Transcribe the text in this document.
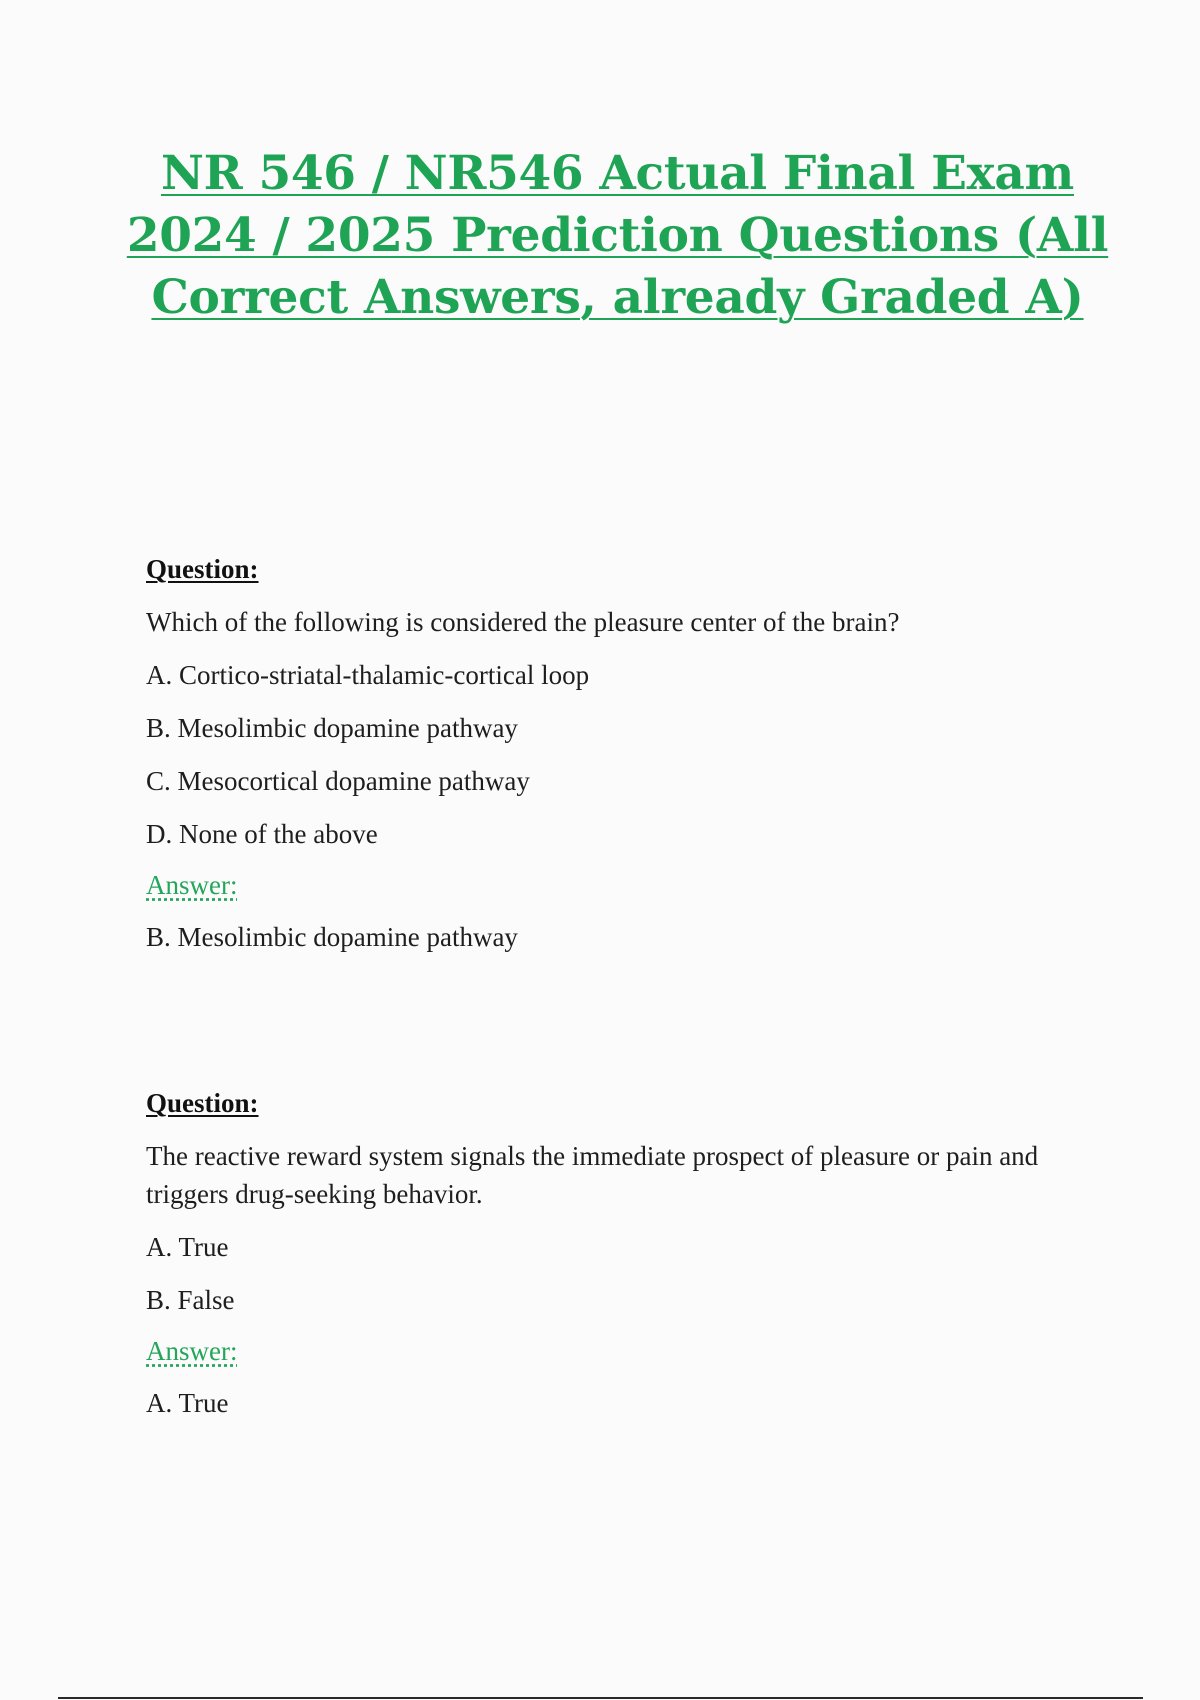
NR 546 / NR546 Actual Final Exam 2024 / 2025 Prediction Questions (All Correct Answers, already Graded A)

Question:

Which of the following is considered the pleasure center of the brain?

A. Cortico-striatal-thalamic-cortical loop

B. Mesolimbic dopamine pathway

C. Mesocortical dopamine pathway

D. None of the above

Answer:

B. Mesolimbic dopamine pathway

Question:

The reactive reward system signals the immediate prospect of pleasure or pain and triggers drug-seeking behavior.

A. True

B. False

Answer:

A. True
